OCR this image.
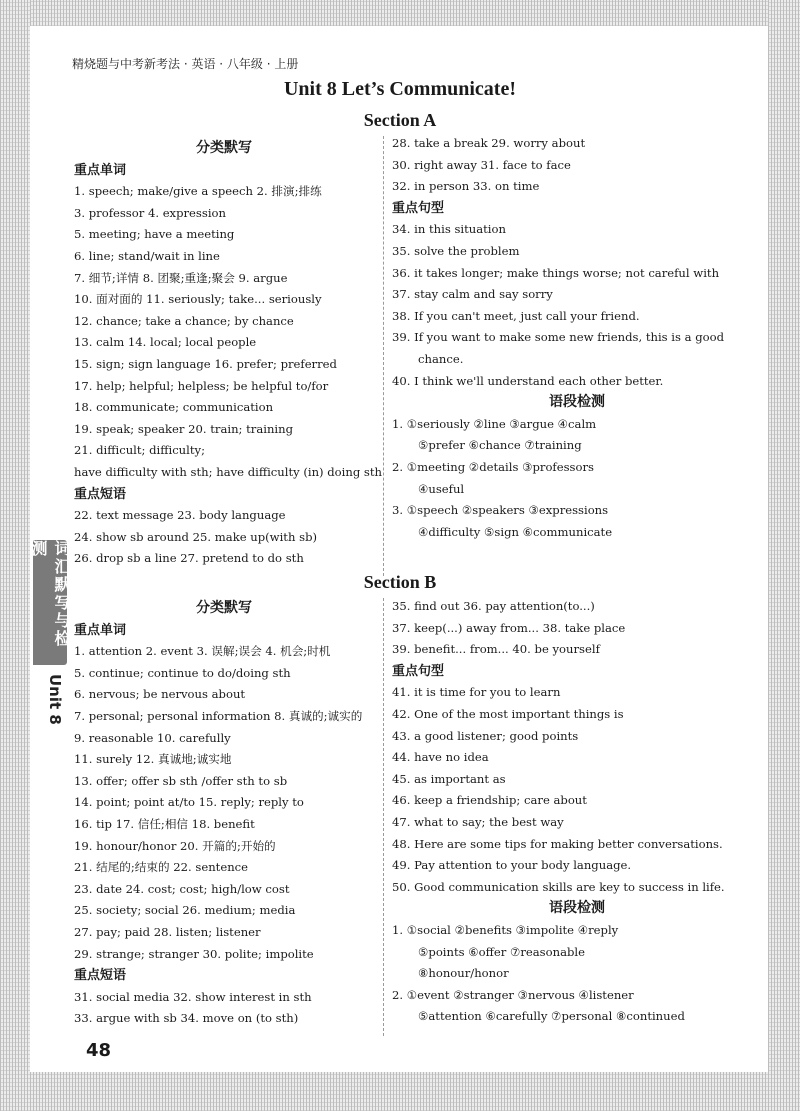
精烧题与中考新考法 · 英语 · 八年级 · 上册
Unit 8 Let’s Communicate!
词汇默写与检测
Unit 8
Section A
分类默写
重点单词
1. speech; make/give a speech 2. 排演;排练
3. professor 4. expression
5. meeting; have a meeting
6. line; stand/wait in line
7. 细节;详情 8. 团聚;重逢;聚会 9. argue
10. 面对面的 11. seriously; take... seriously
12. chance; take a chance; by chance
13. calm 14. local; local people
15. sign; sign language 16. prefer; preferred
17. help; helpful; helpless; be helpful to/for
18. communicate; communication
19. speak; speaker 20. train; training
21. difficult; difficulty;
have difficulty with sth; have difficulty (in) doing sth
重点短语
22. text message 23. body language
24. show sb around 25. make up(with sb)
26. drop sb a line 27. pretend to do sth
28. take a break 29. worry about
30. right away 31. face to face
32. in person 33. on time
重点句型
34. in this situation
35. solve the problem
36. it takes longer; make things worse; not careful with
37. stay calm and say sorry
38. If you can't meet, just call your friend.
39. If you want to make some new friends, this is a good
chance.
40. I think we'll understand each other better.
语段检测
1. ①seriously ②line ③argue ④calm
⑤prefer ⑥chance ⑦training
2. ①meeting ②details ③professors
④useful
3. ①speech ②speakers ③expressions
④difficulty ⑤sign ⑥communicate
Section B
分类默写
重点单词
1. attention 2. event 3. 误解;误会 4. 机会;时机
5. continue; continue to do/doing sth
6. nervous; be nervous about
7. personal; personal information 8. 真诚的;诚实的
9. reasonable 10. carefully
11. surely 12. 真诚地;诚实地
13. offer; offer sb sth /offer sth to sb
14. point; point at/to 15. reply; reply to
16. tip 17. 信任;相信 18. benefit
19. honour/honor 20. 开篇的;开始的
21. 结尾的;结束的 22. sentence
23. date 24. cost; cost; high/low cost
25. society; social 26. medium; media
27. pay; paid 28. listen; listener
29. strange; stranger 30. polite; impolite
重点短语
31. social media 32. show interest in sth
33. argue with sb 34. move on (to sth)
35. find out 36. pay attention(to...)
37. keep(...) away from... 38. take place
39. benefit... from... 40. be yourself
重点句型
41. it is time for you to learn
42. One of the most important things is
43. a good listener; good points
44. have no idea
45. as important as
46. keep a friendship; care about
47. what to say; the best way
48. Here are some tips for making better conversations.
49. Pay attention to your body language.
50. Good communication skills are key to success in life.
语段检测
1. ①social ②benefits ③impolite ④reply
⑤points ⑥offer ⑦reasonable
⑧honour/honor
2. ①event ②stranger ③nervous ④listener
⑤attention ⑥carefully ⑦personal ⑧continued
48
